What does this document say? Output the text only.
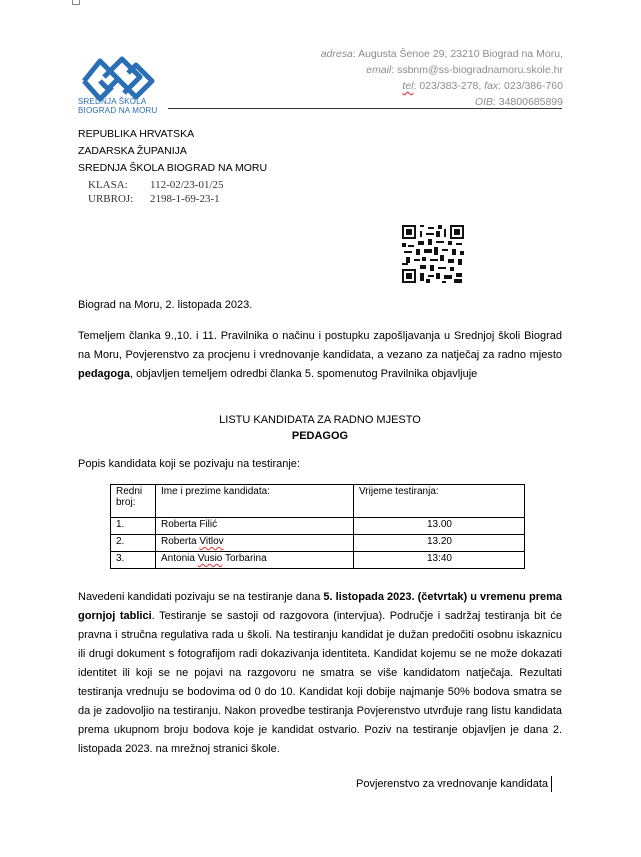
SREDNJA ŠKOLA
BIOGRAD NA MORU
adresa: Augusta Šenoe 29, 23210 Biograd na Moru,
email: ssbnm@ss-biogradnamoru.skole.hr
tel: 023/383-278, fax: 023/386-760
OIB: 34800685899
REPUBLIKA HRVATSKA
ZADARSKA ŽUPANIJA
SREDNJA ŠKOLA BIOGRAD NA MORU
KLASA: 112-02/23-01/25
URBROJ: 2198-1-69-23-1
Biograd na Moru, 2. listopada 2023.
Temeljem članka 9.,10. i 11. Pravilnika o načinu i postupku zapošljavanja u Srednjoj školi Biograd na Moru, Povjerenstvo za procjenu i vrednovanje kandidata, a vezano za natječaj za radno mjesto pedagoga, objavljen temeljem odredbi članka 5. spomenutog Pravilnika objavljuje
LISTU KANDIDATA ZA RADNO MJESTO
PEDAGOG
Popis kandidata koji se pozivaju na testiranje:
Redni broj:	Ime i prezime kandidata:	Vrijeme testiranja:
1.	Roberta Filić	13.00
2.	Roberta Vitlov	13.20
3.	Antonia Vusio Torbarina	13:40
Navedeni kandidati pozivaju se na testiranje dana 5. listopada 2023. (četvrtak) u vremenu prema gornjoj tablici. Testiranje se sastoji od razgovora (intervjua). Područje i sadržaj testiranja bit će pravna i stručna regulativa rada u školi. Na testiranju kandidat je dužan predočiti osobnu iskaznicu ili drugi dokument s fotografijom radi dokazivanja identiteta. Kandidat kojemu se ne može dokazati identitet ili koji se ne pojavi na razgovoru ne smatra se više kandidatom natječaja. Rezultati testiranja vrednuju se bodovima od 0 do 10. Kandidat koji dobije najmanje 50% bodova smatra se da je zadovoljio na testiranju. Nakon provedbe testiranja Povjerenstvo utvrđuje rang listu kandidata prema ukupnom broju bodova koje je kandidat ostvario. Poziv na testiranje objavljen je dana 2. listopada 2023. na mrežnoj stranici škole.
Povjerenstvo za vrednovanje kandidata
